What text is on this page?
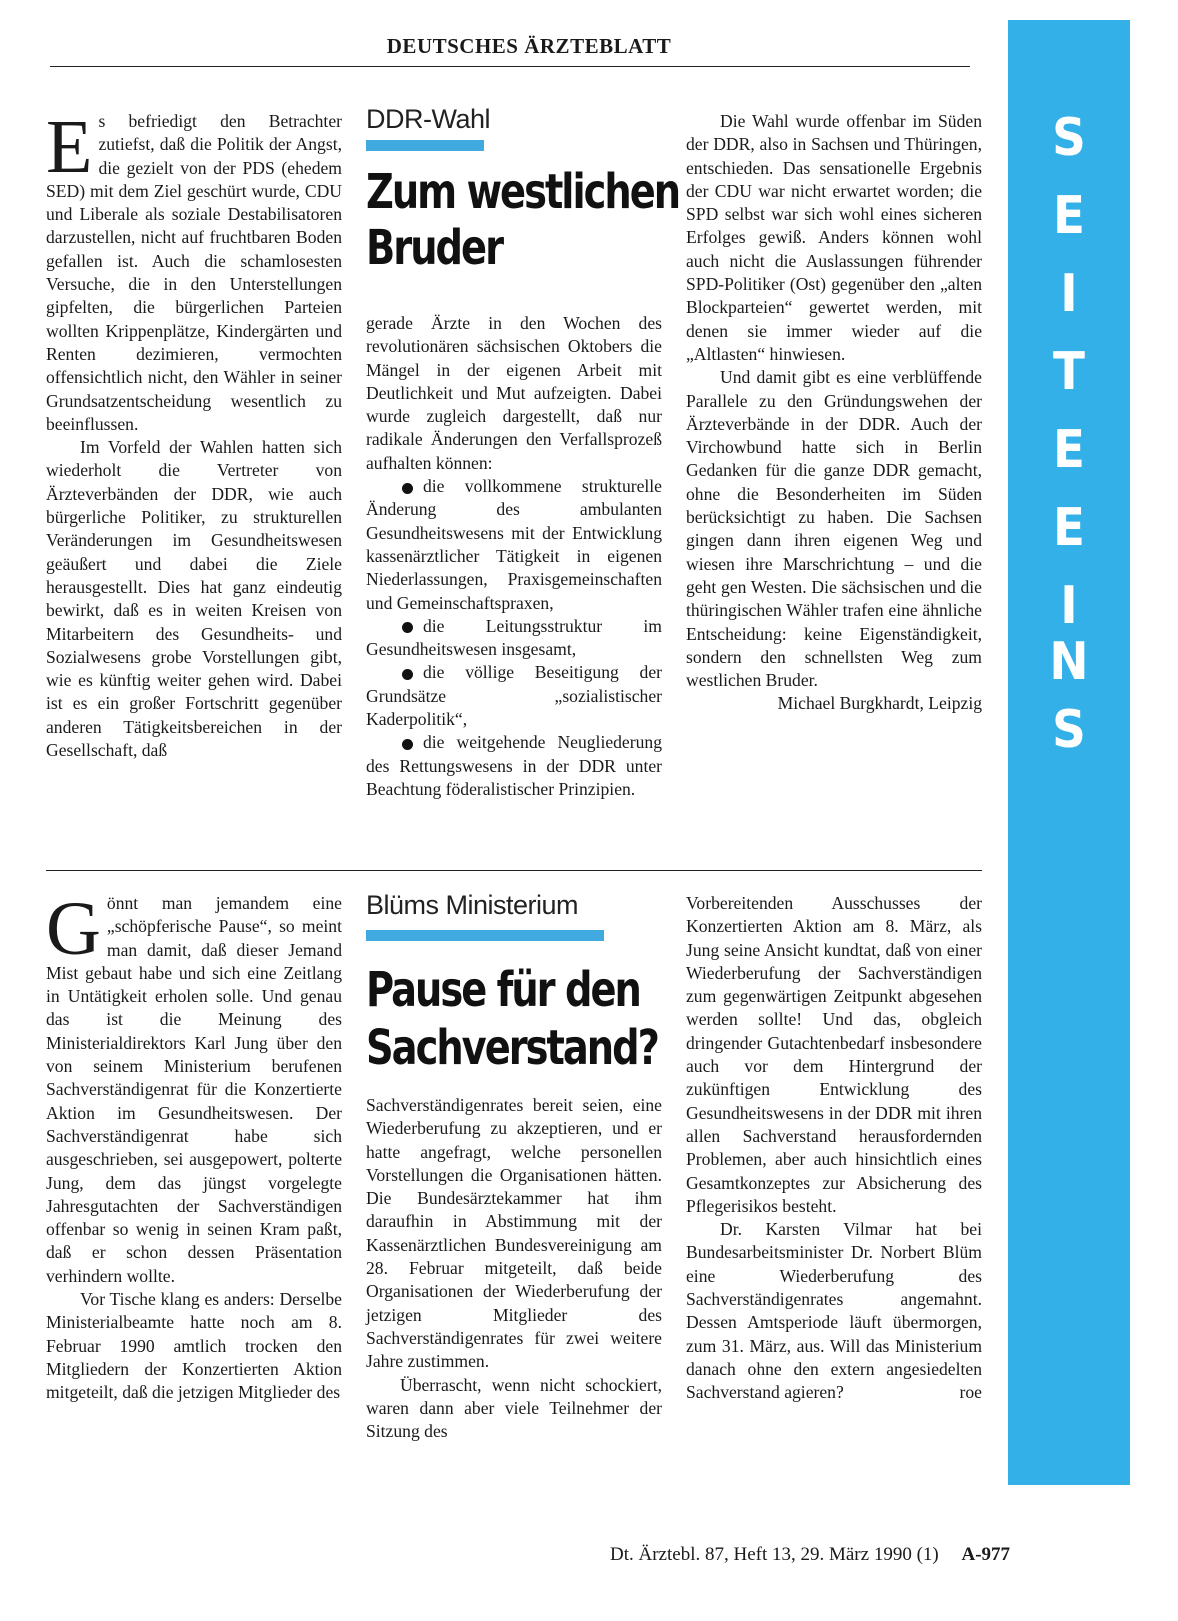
DEUTSCHES ÄRZTEBLATT
E s befriedigt den Betrachter zutiefst, daß die Politik der Angst, die gezielt von der PDS (ehedem SED) mit dem Ziel geschürt wurde, CDU und Liberale als soziale Destabilisatoren darzustellen, nicht auf fruchtbaren Boden gefallen ist. Auch die schamlosesten Versuche, die in den Unterstellungen gipfelten, die bürgerlichen Parteien wollten Krippenplätze, Kindergärten und Renten dezimieren, vermochten offensichtlich nicht, den Wähler in seiner Grundsatzentscheidung wesentlich zu beeinflussen.

Im Vorfeld der Wahlen hatten sich wiederholt die Vertreter von Ärzteverbänden der DDR, wie auch bürgerliche Politiker, zu strukturellen Veränderungen im Gesundheitswesen geäußert und dabei die Ziele herausgestellt. Dies hat ganz eindeutig bewirkt, daß es in weiten Kreisen von Mitarbeitern des Gesundheits- und Sozialwesens grobe Vorstellungen gibt, wie es künftig weiter gehen wird. Dabei ist es ein großer Fortschritt gegenüber anderen Tätigkeitsbereichen in der Gesellschaft, daß

DDR-Wahl
Zum westlichen
Bruder

gerade Ärzte in den Wochen des revolutionären sächsischen Oktobers die Mängel in der eigenen Arbeit mit Deutlichkeit und Mut aufzeigten. Dabei wurde zugleich dargestellt, daß nur radikale Änderungen den Verfallsprozeß aufhalten können:

die vollkommene strukturelle Änderung des ambulanten Gesundheitswesens mit der Entwicklung kassenärztlicher Tätigkeit in eigenen Niederlassungen, Praxisgemeinschaften und Gemeinschaftspraxen,

die Leitungsstruktur im Gesundheitswesen insgesamt,

die völlige Beseitigung der Grundsätze „sozialistischer Kaderpolitik“,

die weitgehende Neugliederung des Rettungswesens in der DDR unter Beachtung föderalistischer Prinzipien.

Die Wahl wurde offenbar im Süden der DDR, also in Sachsen und Thüringen, entschieden. Das sensationelle Ergebnis der CDU war nicht erwartet worden; die SPD selbst war sich wohl eines sicheren Erfolges gewiß. Anders können wohl auch nicht die Auslassungen führender SPD-Politiker (Ost) gegenüber den „alten Blockparteien“ gewertet werden, mit denen sie immer wieder auf die „Altlasten“ hinwiesen.

Und damit gibt es eine verblüffende Parallele zu den Gründungswehen der Ärzteverbände in der DDR. Auch der Virchowbund hatte sich in Berlin Gedanken für die ganze DDR gemacht, ohne die Besonderheiten im Süden berücksichtigt zu haben. Die Sachsen gingen dann ihren eigenen Weg und wiesen ihre Marschrichtung – und die geht gen Westen. Die sächsischen und die thüringischen Wähler trafen eine ähnliche Entscheidung: keine Eigenständigkeit, sondern den schnellsten Weg zum westlichen Bruder.

Michael Burgkhardt, Leipzig

G önnt man jemandem eine „schöpferische Pause“, so meint man damit, daß dieser Jemand Mist gebaut habe und sich eine Zeitlang in Untätigkeit erholen solle. Und genau das ist die Meinung des Ministerialdirektors Karl Jung über den von seinem Ministerium berufenen Sachverständigenrat für die Konzertierte Aktion im Gesundheitswesen. Der Sachverständigenrat habe sich ausgeschrieben, sei ausgepowert, polterte Jung, dem das jüngst vorgelegte Jahresgutachten der Sachverständigen offenbar so wenig in seinen Kram paßt, daß er schon dessen Präsentation verhindern wollte.

Vor Tische klang es anders: Derselbe Ministerialbeamte hatte noch am 8. Februar 1990 amtlich trocken den Mitgliedern der Konzertierten Aktion mitgeteilt, daß die jetzigen Mitglieder des

Blüms Ministerium
Pause für den
Sachverstand?

Sachverständigenrates bereit seien, eine Wiederberufung zu akzeptieren, und er hatte angefragt, welche personellen Vorstellungen die Organisationen hätten. Die Bundesärztekammer hat ihm daraufhin in Abstimmung mit der Kassenärztlichen Bundesvereinigung am 28. Februar mitgeteilt, daß beide Organisationen der Wiederberufung der jetzigen Mitglieder des Sachverständigenrates für zwei weitere Jahre zustimmen.

Überrascht, wenn nicht schockiert, waren dann aber viele Teilnehmer der Sitzung des

Vorbereitenden Ausschusses der Konzertierten Aktion am 8. März, als Jung seine Ansicht kundtat, daß von einer Wiederberufung der Sachverständigen zum gegenwärtigen Zeitpunkt abgesehen werden sollte! Und das, obgleich dringender Gutachtenbedarf insbesondere auch vor dem Hintergrund der zukünftigen Entwicklung des Gesundheitswesens in der DDR mit ihren allen Sachverstand herausfordernden Problemen, aber auch hinsichtlich eines Gesamtkonzeptes zur Absicherung des Pflegerisikos besteht.

Dr. Karsten Vilmar hat bei Bundesarbeitsminister Dr. Norbert Blüm eine Wiederberufung des Sachverständigenrates angemahnt. Dessen Amtsperiode läuft übermorgen, zum 31. März, aus. Will das Ministerium danach ohne den extern angesiedelten Sachverstand agieren?	roe

S
E
I
T
E
E
I
N
S
Dt. Ärztebl. 87, Heft 13, 29. März 1990 (1) A-977
